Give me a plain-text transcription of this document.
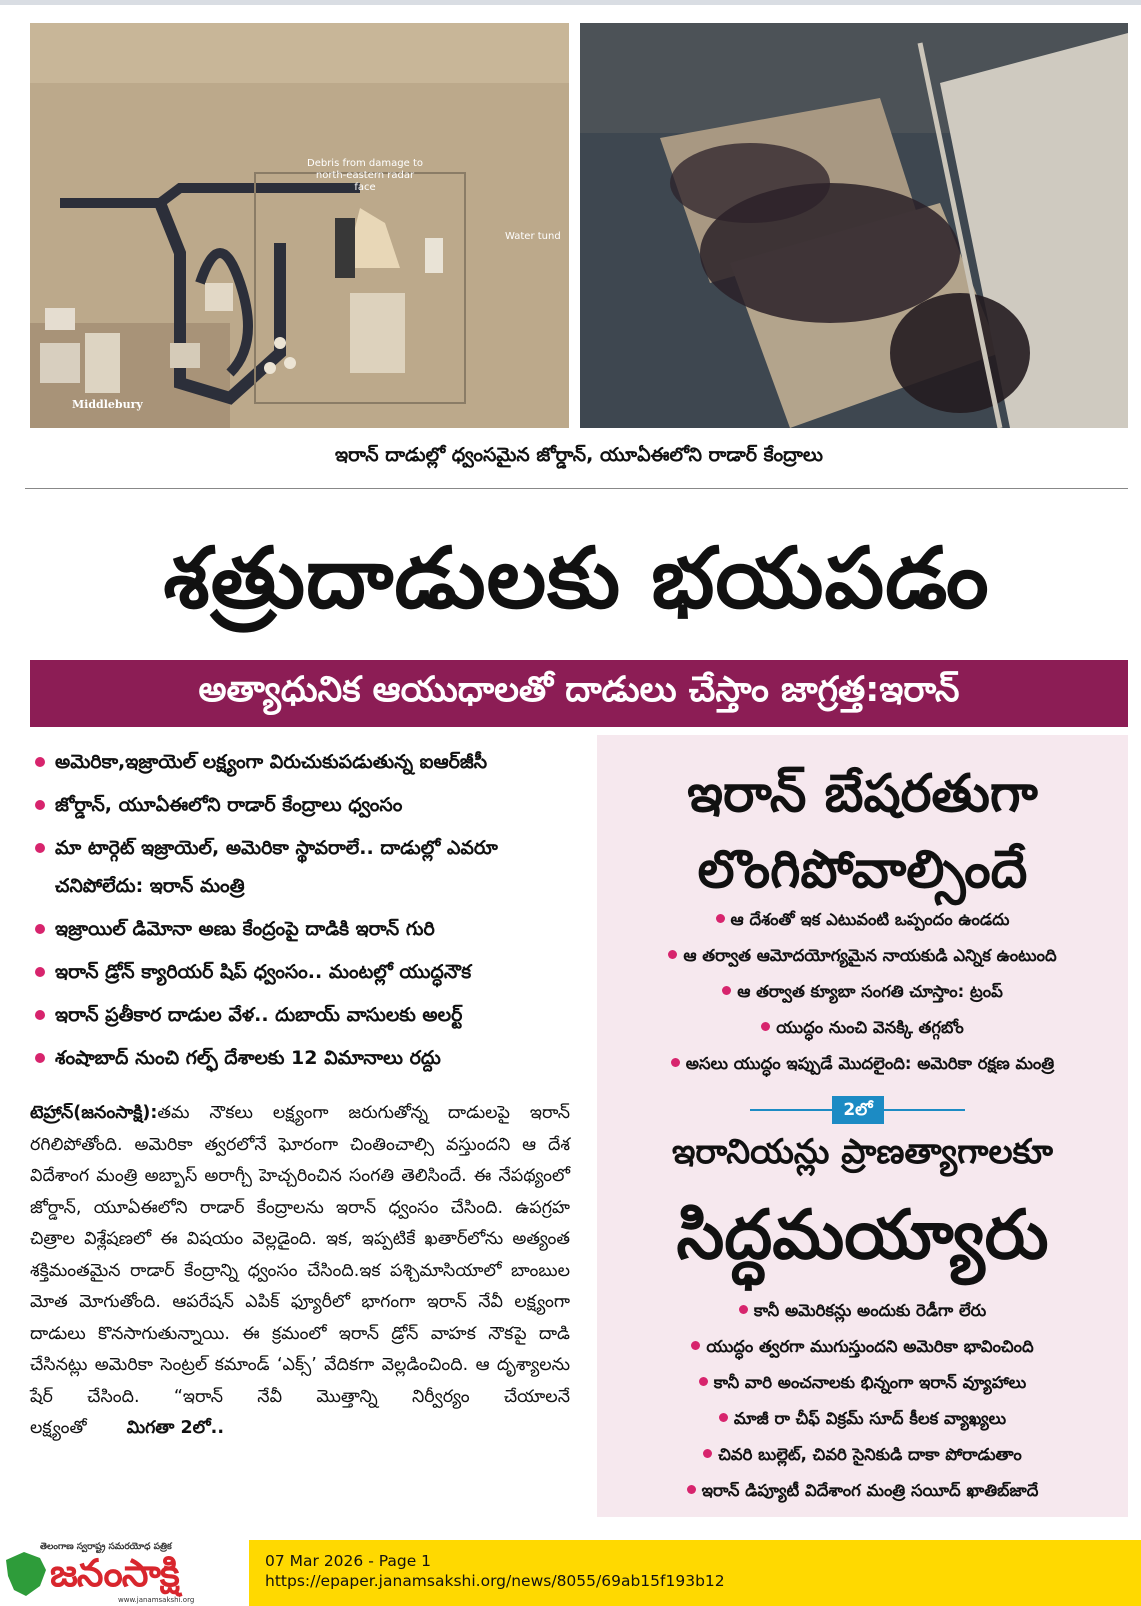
Debris from damage to north-eastern radar face
Water tund
Middlebury
ఇరాన్ దాడుల్లో ధ్వంసమైన జోర్డాన్, యూఏఈలోని రాడార్ కేంద్రాలు
శత్రుదాడులకు భయపడం
అత్యాధునిక ఆయుధాలతో దాడులు చేస్తాం జాగ్రత్త:ఇరాన్
అమెరికా,ఇజ్రాయెల్ లక్ష్యంగా విరుచుకుపడుతున్న ఐఆర్‌జీసీ
జోర్డాన్, యూఏఈలోని రాడార్ కేంద్రాలు ధ్వంసం
మా టార్గెట్ ఇజ్రాయెల్, అమెరికా స్థావరాలే.. దాడుల్లో ఎవరూ చనిపోలేదు: ఇరాన్ మంత్రి
ఇజ్రాయిల్ డిమోనా అణు కేంద్రంపై దాడికి ఇరాన్ గురి
ఇరాన్ డ్రోన్ క్యారియర్ షిప్ ధ్వంసం.. మంటల్లో యుద్ధనౌక
ఇరాన్ ప్రతీకార దాడుల వేళ.. దుబాయ్ వాసులకు అలర్ట్
శంషాబాద్ నుంచి గల్ఫ్ దేశాలకు 12 విమానాలు రద్దు
టెహ్రాన్(జనంసాక్షి):తమ నౌకలు లక్ష్యంగా జరుగుతోన్న దాడులపై ఇరాన్ రగిలిపోతోంది. అమెరికా త్వరలోనే ఘోరంగా చింతించాల్సి వస్తుందని ఆ దేశ విదేశాంగ మంత్రి అబ్బాస్ అరాగ్చీ హెచ్చరించిన సంగతి తెలిసిందే. ఈ నేపథ్యంలో జోర్డాన్, యూఏఈలోని రాడార్ కేంద్రాలను ఇరాన్ ధ్వంసం చేసింది. ఉపగ్రహ చిత్రాల విశ్లేషణలో ఈ విషయం వెల్లడైంది. ఇక, ఇప్పటికే ఖతార్‌లోను అత్యంత శక్తిమంతమైన రాడార్ కేంద్రాన్ని ధ్వంసం చేసింది.ఇక పశ్చిమాసియాలో బాంబుల మోత మోగుతోంది. ఆపరేషన్ ఎపిక్ ఫ్యూరీలో భాగంగా ఇరాన్ నేవీ లక్ష్యంగా దాడులు కొనసాగుతున్నాయి. ఈ క్రమంలో ఇరాన్ డ్రోన్ వాహక నౌకపై దాడి చేసినట్లు అమెరికా సెంట్రల్ కమాండ్ ‘ఎక్స్’ వేదికగా వెల్లడించింది. ఆ దృశ్యాలను షేర్ చేసింది. “ఇరాన్ నేవీ మొత్తాన్ని నిర్వీర్యం చేయాలనే లక్ష్యంతో మిగతా 2లో..
ఇరాన్ బేషరతుగా
లొంగిపోవాల్సిందే
ఆ దేశంతో ఇక ఎటువంటి ఒప్పందం ఉండదు
ఆ తర్వాత ఆమోదయోగ్యమైన నాయకుడి ఎన్నిక ఉంటుంది
ఆ తర్వాత క్యూబా సంగతి చూస్తాం: ట్రంప్
యుద్ధం నుంచి వెనక్కి తగ్గబోం
అసలు యుద్ధం ఇప్పుడే మొదలైంది: అమెరికా రక్షణ మంత్రి
2లో
ఇరానియన్లు ప్రాణత్యాగాలకూ
సిద్ధమయ్యారు
కానీ అమెరికన్లు అందుకు రెడీగా లేరు
యుద్ధం త్వరగా ముగుస్తుందని అమెరికా భావించింది
కానీ వారి అంచనాలకు భిన్నంగా ఇరాన్ వ్యూహాలు
మాజీ రా చీఫ్ విక్రమ్ సూద్ కీలక వ్యాఖ్యలు
చివరి బుల్లెట్, చివరి సైనికుడి దాకా పోరాడుతాం
ఇరాన్ డిప్యూటీ విదేశాంగ మంత్రి సయీద్ ఖాతిబ్‌జాదే
తెలంగాణ స్వరాష్ట్ర సమరయోధ పత్రిక
జనంసాక్షి
www.janamsakshi.org
07 Mar 2026 - Page 1
https://epaper.janamsakshi.org/news/8055/69ab15f193b12
